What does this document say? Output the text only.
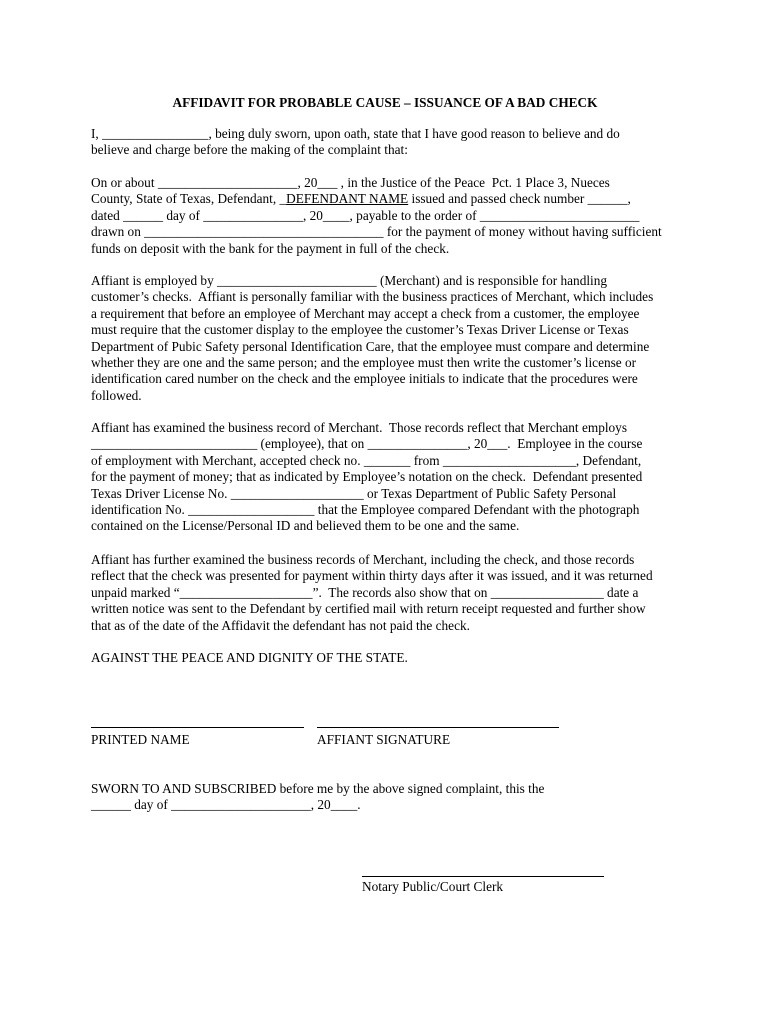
AFFIDAVIT FOR PROBABLE CAUSE – ISSUANCE OF A BAD CHECK
I, ________________, being duly sworn, upon oath, state that I have good reason to believe and do
believe and charge before the making of the complaint that:
On or about _____________________, 20___ , in the Justice of the Peace  Pct. 1 Place 3, Nueces
County, State of Texas, Defendant, _DEFENDANT NAME issued and passed check number ______,
dated ______ day of _______________, 20____, payable to the order of ________________________
drawn on ____________________________________ for the payment of money without having sufficient
funds on deposit with the bank for the payment in full of the check.
Affiant is employed by ________________________ (Merchant) and is responsible for handling
customer’s checks.  Affiant is personally familiar with the business practices of Merchant, which includes
a requirement that before an employee of Merchant may accept a check from a customer, the employee
must require that the customer display to the employee the customer’s Texas Driver License or Texas
Department of Pubic Safety personal Identification Care, that the employee must compare and determine
whether they are one and the same person; and the employee must then write the customer’s license or
identification cared number on the check and the employee initials to indicate that the procedures were
followed.
Affiant has examined the business record of Merchant.  Those records reflect that Merchant employs
_________________________ (employee), that on _______________, 20___.  Employee in the course
of employment with Merchant, accepted check no. _______ from ____________________, Defendant,
for the payment of money; that as indicated by Employee’s notation on the check.  Defendant presented
Texas Driver License No. ____________________ or Texas Department of Public Safety Personal
identification No. ___________________ that the Employee compared Defendant with the photograph
contained on the License/Personal ID and believed them to be one and the same.
Affiant has further examined the business records of Merchant, including the check, and those records
reflect that the check was presented for payment within thirty days after it was issued, and it was returned
unpaid marked “____________________”.  The records also show that on _________________ date a
written notice was sent to the Defendant by certified mail with return receipt requested and further show
that as of the date of the Affidavit the defendant has not paid the check.
AGAINST THE PEACE AND DIGNITY OF THE STATE.
PRINTED NAME	AFFIANT SIGNATURE
SWORN TO AND SUBSCRIBED before me by the above signed complaint, this the
______ day of _____________________, 20____.
Notary Public/Court Clerk
